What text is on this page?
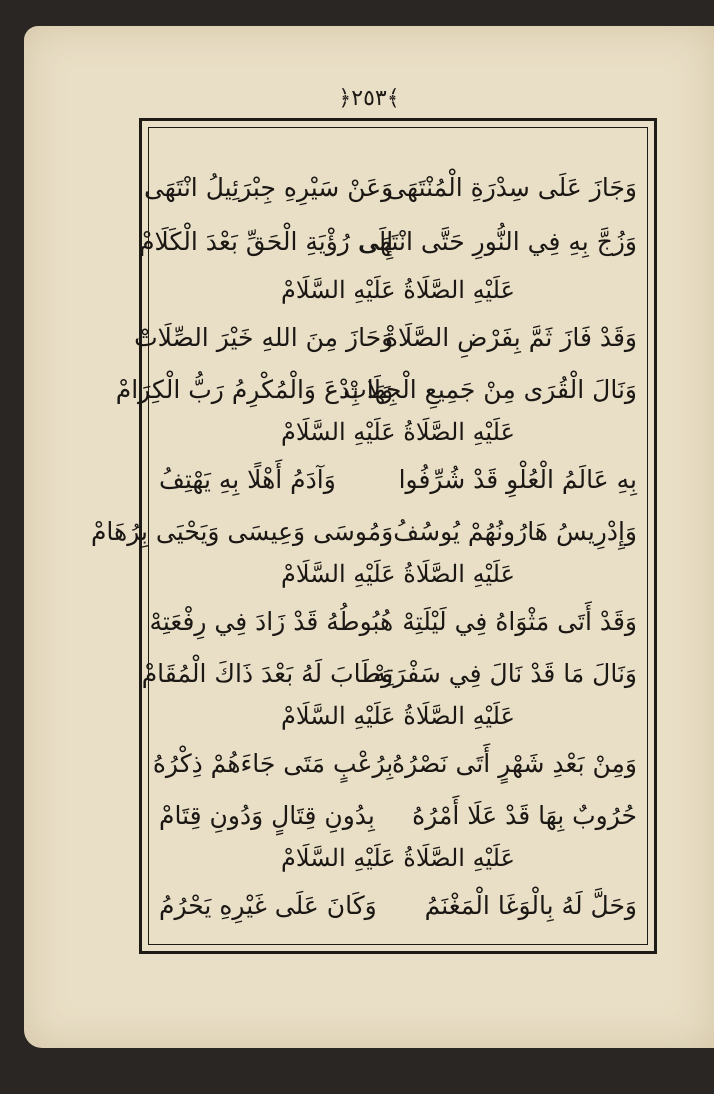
﴿٢٥٣﴾
وَجَازَ عَلَى سِدْرَةِ الْمُنْتَهَى
وَعَنْ سَيْرِهِ جِبْرَئِيلُ انْتَهَى
وَزُجَّ بِهِ فِي النُّورِ حَتَّى انْتَهَى
إِلَى رُؤْيَةِ الْحَقِّ بَعْدَ الْكَلَامْ
عَلَيْهِ الصَّلَاةُ عَلَيْهِ السَّلَامْ
وَقَدْ فَازَ ثَمَّ بِفَرْضِ الصَّلَاةْ
وَحَازَ مِنَ اللهِ خَيْرَ الصِّلَاتْ
وَنَالَ الْقُرَى مِنْ جَمِيعِ الْجِهَاتْ
وَلَا بِدْعَ وَالْمُكْرِمُ رَبُّ الْكِرَامْ
عَلَيْهِ الصَّلَاةُ عَلَيْهِ السَّلَامْ
بِهِ عَالَمُ الْعُلْوِ قَدْ شُرِّفُوا
وَآدَمُ أَهْلًا بِهِ يَهْتِفُ
وَإِدْرِيسُ هَارُونُهُمْ يُوسُفُ
وَمُوسَى وَعِيسَى وَيَحْيَى بِرُهَامْ
عَلَيْهِ الصَّلَاةُ عَلَيْهِ السَّلَامْ
وَقَدْ أَتَى مَثْوَاهُ فِي لَيْلَتِهْ
هُبُوطُهُ قَدْ زَادَ فِي رِفْعَتِهْ
وَنَالَ مَا قَدْ نَالَ فِي سَفْرَتِهْ
وَطَابَ لَهُ بَعْدَ ذَاكَ الْمُقَامْ
عَلَيْهِ الصَّلَاةُ عَلَيْهِ السَّلَامْ
وَمِنْ بَعْدِ شَهْرٍ أَتَى نَصْرُهُ
بِرُعْبٍ مَتَى جَاءَهُمْ ذِكْرُهُ
حُرُوبٌ بِهَا قَدْ عَلَا أَمْرُهُ
بِدُونِ قِتَالٍ وَدُونِ قِتَامْ
عَلَيْهِ الصَّلَاةُ عَلَيْهِ السَّلَامْ
وَحَلَّ لَهُ بِالْوَغَا الْمَغْنَمُ
وَكَانَ عَلَى غَيْرِهِ يَحْرُمُ
